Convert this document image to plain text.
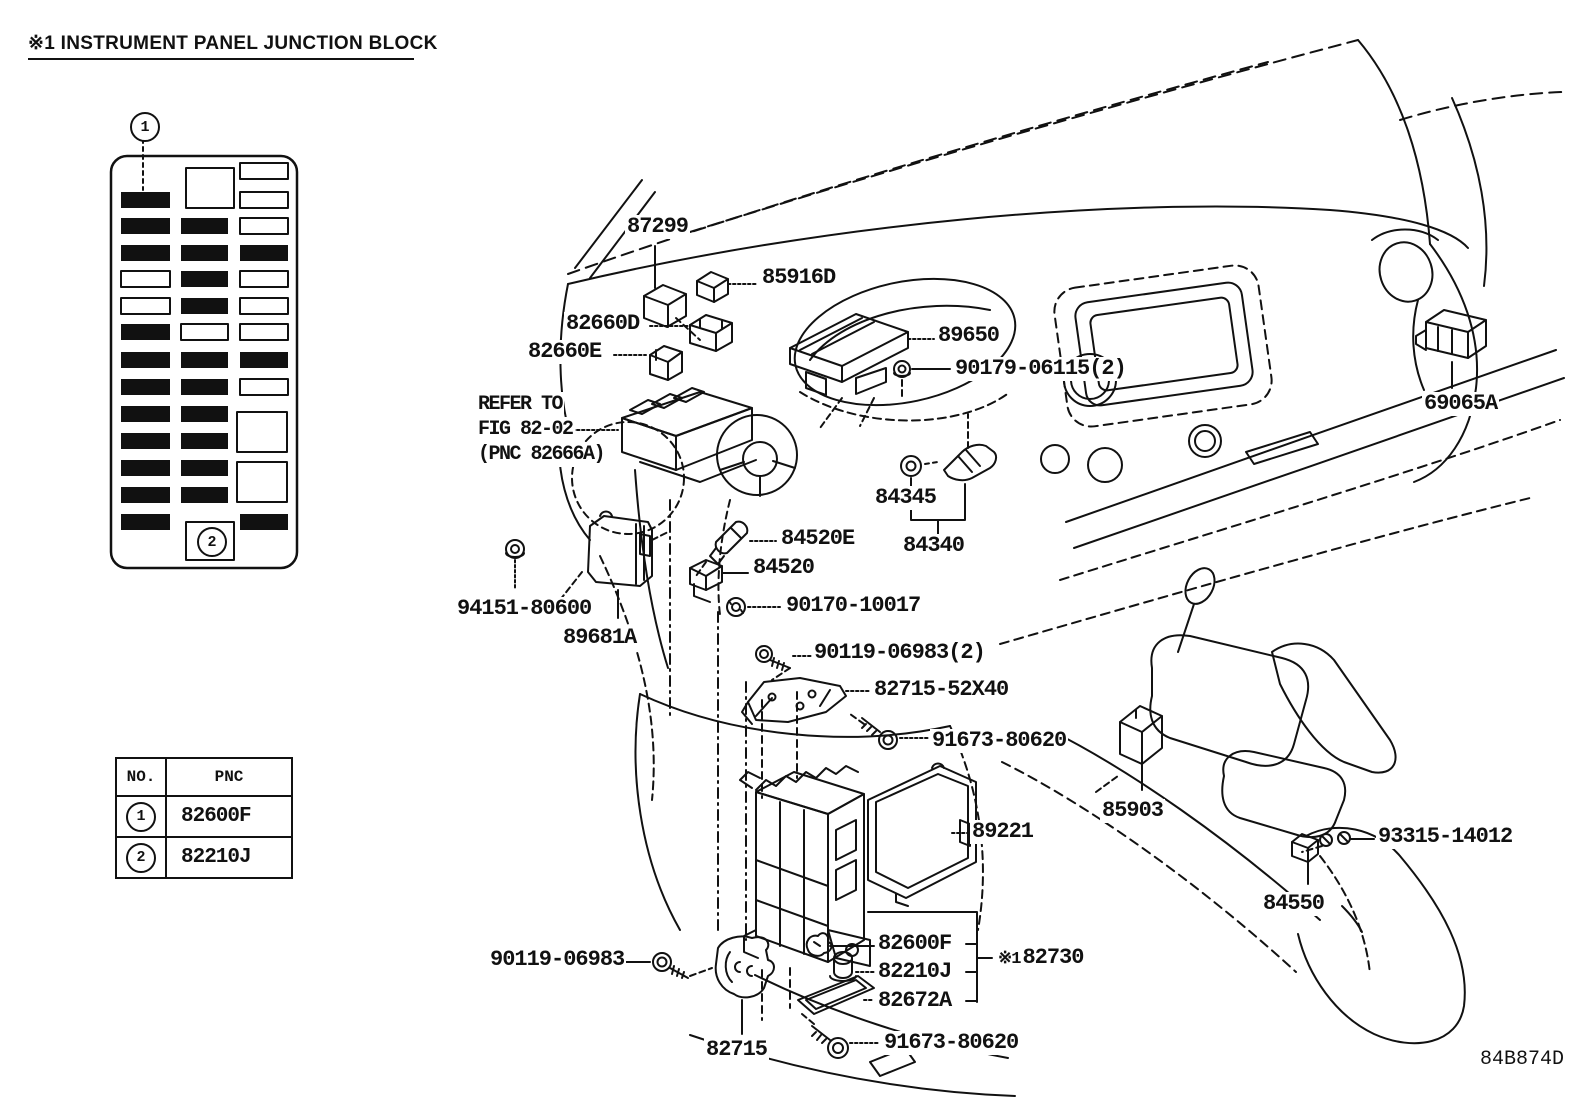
※1 INSTRUMENT PANEL JUNCTION BLOCK
1
2
87299
85916D
82660D
82660E
REFER TO
FIG 82-02
(PNC 82666A)
89650
90179-06115(2)
69065A
84345
84340
84520E
84520
90170-10017
94151-80600
89681A
90119-06983(2)
82715-52X40
91673-80620
85903
89221	93315-14012
84550
82600F
82210J
82672A
※1 82730
90119-06983
82715	91673-80620
84B874D
NO.	PNC
1	82600F
2	82210J
